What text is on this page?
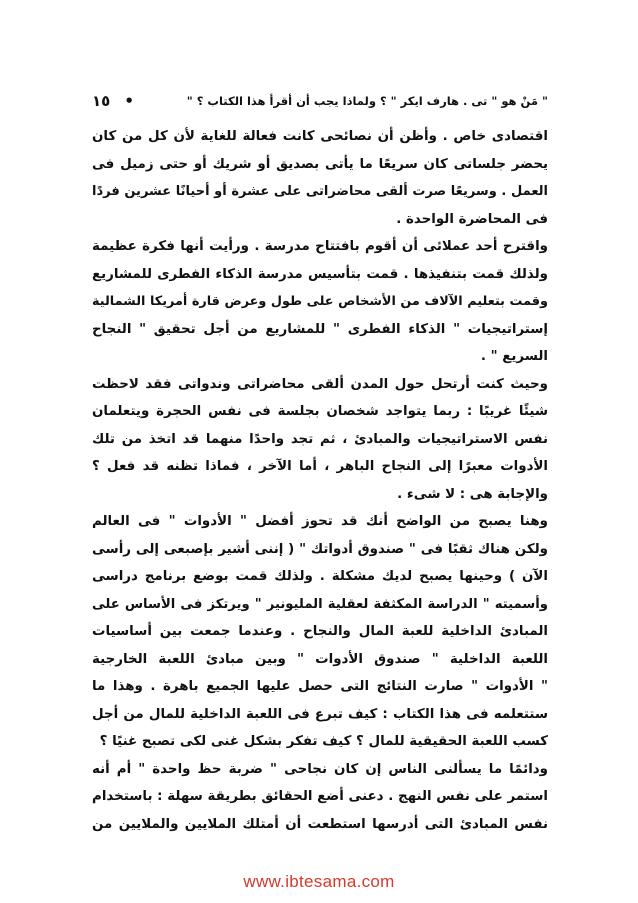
" مَنْ هو " تى . هارف ايكر " ؟ ولماذا يجب أن أقرأ هذا الكتاب ؟ "
١٥ •
اقتصادى خاص . وأظن أن نصائحى كانت فعالة للغاية لأن كل من كان
يحضر جلساتى كان سريعًا ما يأتى بصديق أو شريك أو حتى زميل فى
العمل . وسريعًا صرت ألقى محاضراتى على عشرة أو أحيانًا عشرين فردًا
فى المحاضرة الواحدة .
واقترح أحد عملائى أن أقوم بافتتاح مدرسة . ورأيت أنها فكرة عظيمة
ولذلك قمت بتنفيذها . قمت بتأسيس مدرسة الذكاء الفطرى للمشاريع
وقمت بتعليم الآلاف من الأشخاص على طول وعرض قارة أمريكا الشمالية
إستراتيجيات " الذكاء الفطرى " للمشاريع من أجل تحقيق " النجاح
السريع " .
وحيث كنت أرتحل حول المدن ألقى محاضراتى وندواتى فقد لاحظت
شيئًا غريبًا : ربما يتواجد شخصان بجلسة فى نفس الحجرة ويتعلمان
نفس الاستراتيجيات والمبادئ ، ثم تجد واحدًا منهما قد اتخذ من تلك
الأدوات معبرًا إلى النجاح الباهر ، أما الآخر ، فماذا تظنه قد فعل ؟
والإجابة هى : لا شىء .
وهنا يصبح من الواضح أنك قد تحوز أفضل " الأدوات " فى العالم
ولكن هناك ثقبًا فى " صندوق أدواتك " ( إننى أشير بإصبعى إلى رأسى
الآن ) وحينها يصبح لديك مشكلة . ولذلك قمت بوضع برنامج دراسى
وأسميته " الدراسة المكثفة لعقلية المليونير " ويرتكز فى الأساس على
المبادئ الداخلية للعبة المال والنجاح . وعندما جمعت بين أساسيات
اللعبة الداخلية " صندوق الأدوات " وبين مبادئ اللعبة الخارجية
" الأدوات " صارت النتائج التى حصل عليها الجميع باهرة . وهذا ما
ستتعلمه فى هذا الكتاب : كيف تبرع فى اللعبة الداخلية للمال من أجل
كسب اللعبة الحقيقية للمال ؟ كيف تفكر بشكل غنى لكى تصبح غنيًا ؟
ودائمًا ما يسألنى الناس إن كان نجاحى " ضربة حظ واحدة " أم أنه
استمر على نفس النهج . دعنى أضع الحقائق بطريقة سهلة : باستخدام
نفس المبادئ التى أدرسها استطعت أن أمتلك الملايين والملايين من
www.ibtesama.com
